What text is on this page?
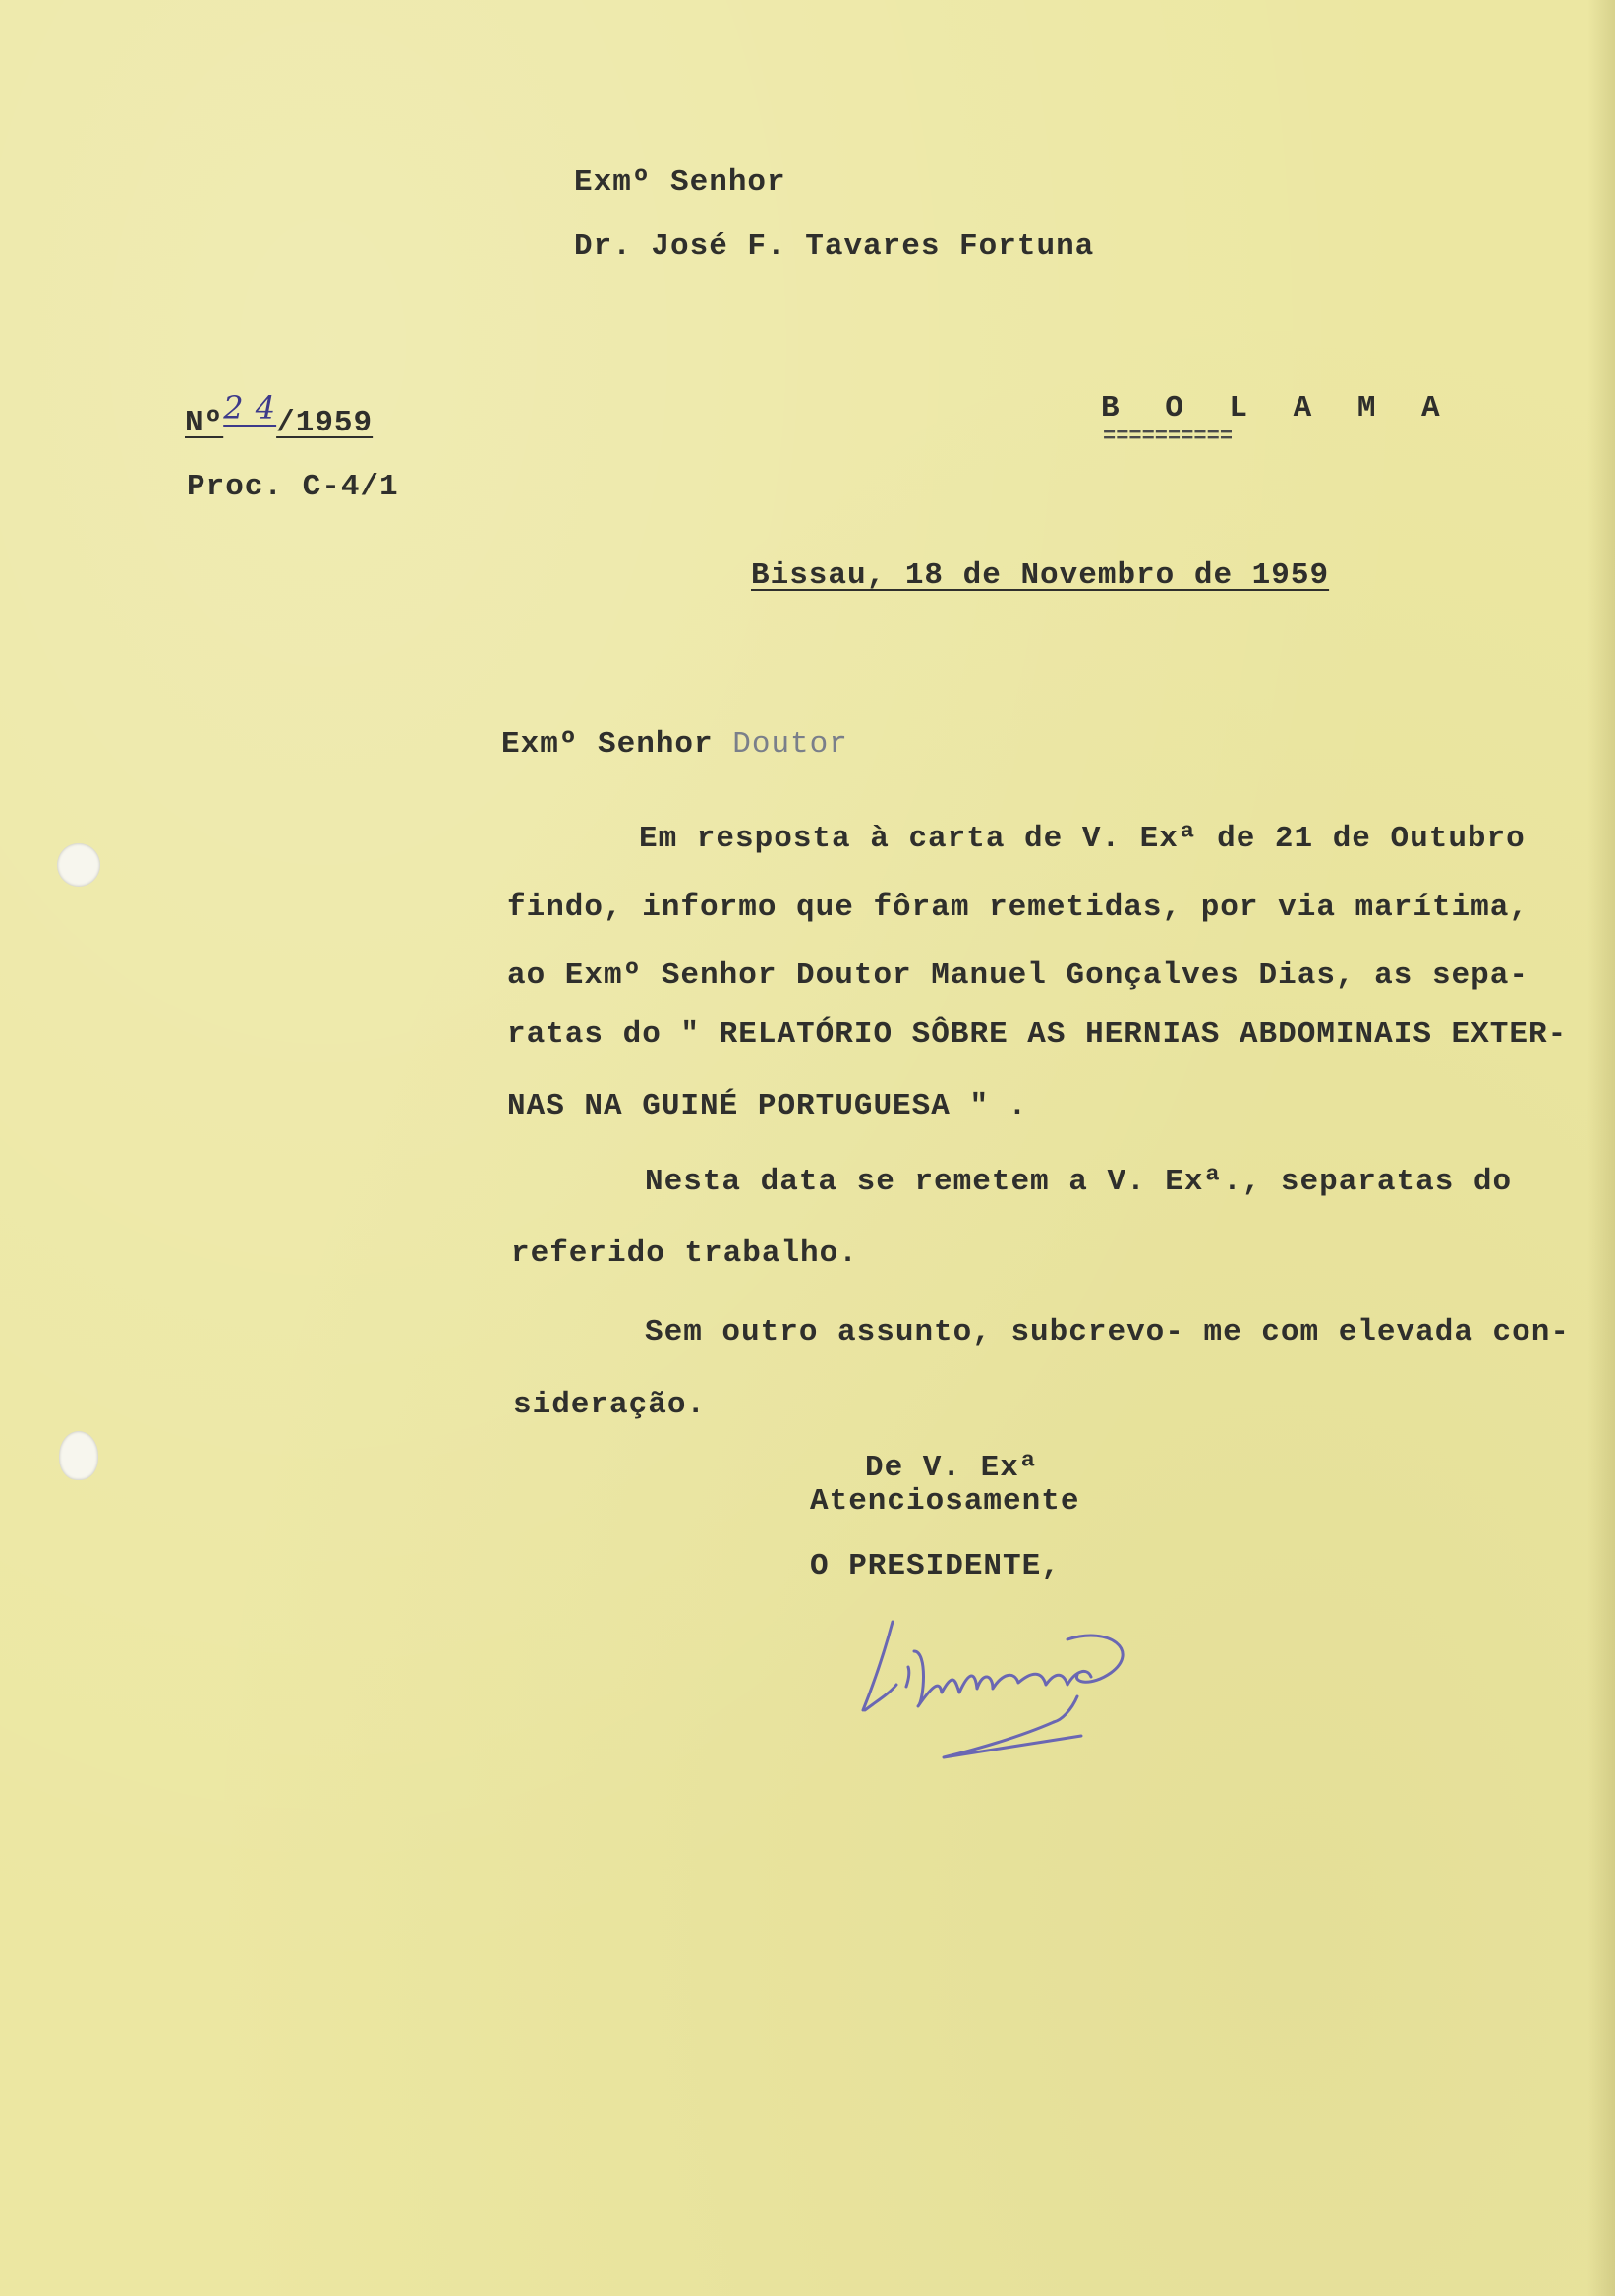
Exmº Senhor
Dr. José F. Tavares Fortuna
B O L A M A
==========
Nº2 4/1959
Proc. C-4/1
Bissau, 18 de Novembro de 1959
Exmº Senhor Doutor
Em resposta à carta de V. Exª de 21 de Outubro
findo, informo que fôram remetidas, por via marítima,
ao Exmº Senhor Doutor Manuel Gonçalves Dias, as sepa-
ratas do " RELATÓRIO SÔBRE AS HERNIAS ABDOMINAIS EXTER-
NAS NA GUINÉ PORTUGUESA " .
Nesta data se remetem a V. Exª., separatas do
referido trabalho.
Sem outro assunto, subcrevo- me com elevada con-
sideração.
De V. Exª
Atenciosamente
O PRESIDENTE,
